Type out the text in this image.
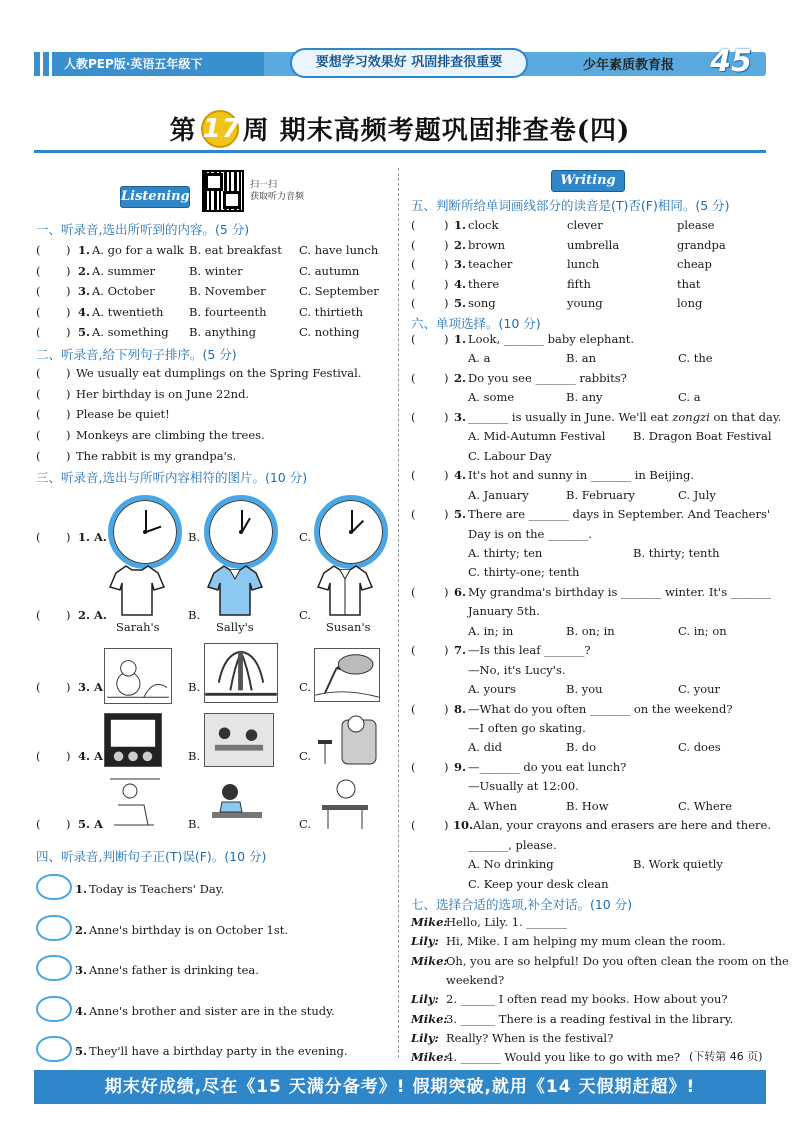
人教PEP版·英语五年级下	要想学习效果好 巩固排查很重要	少年素质教育报 45
第 17周 期末高频考题巩固排查卷(四)
Listening
扫一扫
获取听力音频
一、听录音,选出所听到的内容。(5 分)
( ) 1. A. go for a walk B. eat breakfast C. have lunch
( ) 2. A. summer	B. winter	C. autumn
( ) 3. A. October	B. November	C. September
( ) 4. A. twentieth B. fourteenth	C. thirtieth
( ) 5. A. something B. anything	C. nothing
二、听录音,给下列句子排序。(5 分)
( ) We usually eat dumplings on the Spring Festival.
( ) Her birthday is on June 22nd.
( ) Please be quiet!
( ) Monkeys are climbing the trees.
( ) The rabbit is my grandpa's.
三、听录音,选出与所听内容相符的图片。(10 分)
( ) 1. A.	B.	C.
( ) 2. A.	B.	C.
( ) 3. A.	B.	C.
( ) 4. A.	B.	C.
( ) 5. A.	B.	C.
Sarah's	Sally's	Susan's
四、听录音,判断句子正(T)误(F)。(10 分)
1. Today is Teachers' Day.
2. Anne's birthday is on October 1st.
3. Anne's father is drinking tea.
4. Anne's brother and sister are in the study.
5. They'll have a birthday party in the evening.
Writing
五、判断所给单词画线部分的读音是(T)否(F)相同。(5 分)
( ) 1. clock	clever	please
( ) 2. brown	umbrella	grandpa
( ) 3. teacher	lunch	cheap
( ) 4. there	fifth	that
( ) 5. song	young	long
六、单项选择。(10 分)
( ) 1. Look, _______ baby elephant.
A. a	B. an	C. the
( ) 2. Do you see _______ rabbits?
A. some	B. any	C. a
( ) 3. _______ is usually in June. We'll eat zongzi on that day.
A. Mid-Autumn Festival B. Dragon Boat Festival
C. Labour Day
( ) 4. It's hot and sunny in _______ in Beijing.
A. January	B. February	C. July
( ) 5. There are _______ days in September. And Teachers'
Day is on the _______.
A. thirty; ten	B. thirty; tenth
C. thirty-one; tenth
( ) 6. My grandma's birthday is _______ winter. It's _______
January 5th.
A. in; in	B. on; in	C. in; on
( ) 7. —Is this leaf _______?
—No, it's Lucy's.
A. yours	B. you	C. your
( ) 8. —What do you often _______ on the weekend?
—I often go skating.
A. did	B. do	C. does
( ) 9. —_______ do you eat lunch?
—Usually at 12:00.
A. When	B. How	C. Where
( ) 10. Alan, your crayons and erasers are here and there.
_______, please.
A. No drinking	B. Work quietly
C. Keep your desk clean
七、选择合适的选项,补全对话。(10 分)
Mike:
Hello, Lily. 1. _______
Lily: Hi, Mike. I am helping my mum clean the room.
Mike:
Oh, you are so helpful! Do you often clean the room on the
weekend?
Lily: 2. ______ I often read my books. How about you?
Mike:
3. ______ There is a reading festival in the library.
Lily: Really? When is the festival?
Mike:
4. _______ Would you like to go with me? (下转第 46 页)
期末好成绩,尽在《15 天满分备考》! 假期突破,就用《14 天假期赶超》!
